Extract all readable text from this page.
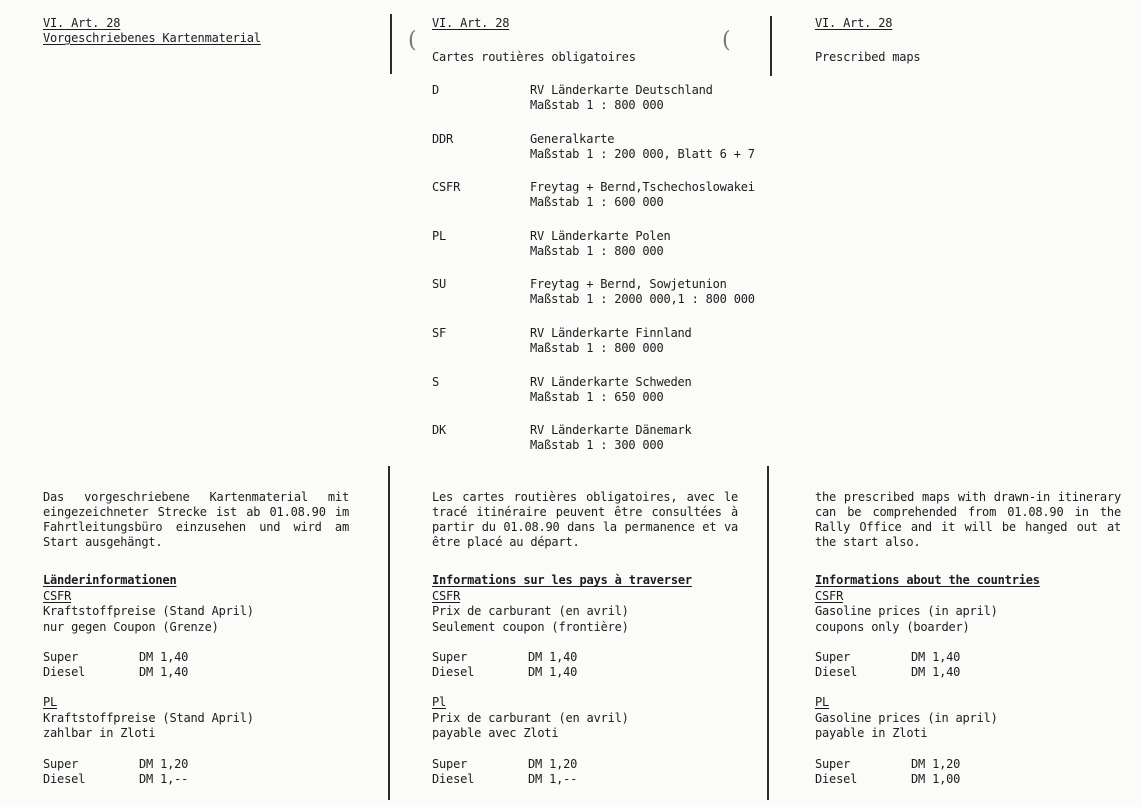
(	(
VI. Art. 28
Vorgeschriebenes Kartenmaterial
Das vorgeschriebene Kartenmaterial mit eingezeichneter Strecke ist ab 01.08.90 im Fahrtleitungsbüro einzusehen und wird am Start ausgehängt.
Länderinformationen
CSFR
Kraftstoffpreise (Stand April)
nur gegen Coupon (Grenze)
Super	DM 1,40
Diesel	DM 1,40
PL
Kraftstoffpreise (Stand April)
zahlbar in Zloti
Super	DM 1,20
Diesel	DM 1,--
VI. Art. 28
Cartes routières obligatoires
D	RV Länderkarte Deutschland
Maßstab 1 : 800 000
DDR	Generalkarte
Maßstab 1 : 200 000, Blatt 6 + 7
CSFR	Freytag + Bernd,Tschechoslowakei
Maßstab 1 : 600 000
PL	RV Länderkarte Polen
Maßstab 1 : 800 000
SU	Freytag + Bernd, Sowjetunion
Maßstab 1 : 2000 000,1 : 800 000
SF	RV Länderkarte Finnland
Maßstab 1 : 800 000
S	RV Länderkarte Schweden
Maßstab 1 : 650 000
DK	RV Länderkarte Dänemark
Maßstab 1 : 300 000
Les cartes routières obligatoires, avec le tracé itinéraire peuvent être consultées à partir du 01.08.90 dans la permanence et va être placé au départ.
Informations sur les pays à traverser
CSFR
Prix de carburant (en avril)
Seulement coupon (frontière)
Super	DM 1,40
Diesel	DM 1,40
Pl
Prix de carburant (en avril)
payable avec Zloti
Super	DM 1,20
Diesel	DM 1,--
VI. Art. 28
Prescribed maps
the prescribed maps with drawn-in itinerary can be comprehended from 01.08.90 in the Rally Office and it will be hanged out at the start also.
Informations about the countries
CSFR
Gasoline prices (in april)
coupons only (boarder)
Super	DM 1,40
Diesel	DM 1,40
PL
Gasoline prices (in april)
payable in Zloti
Super	DM 1,20
Diesel	DM 1,00
